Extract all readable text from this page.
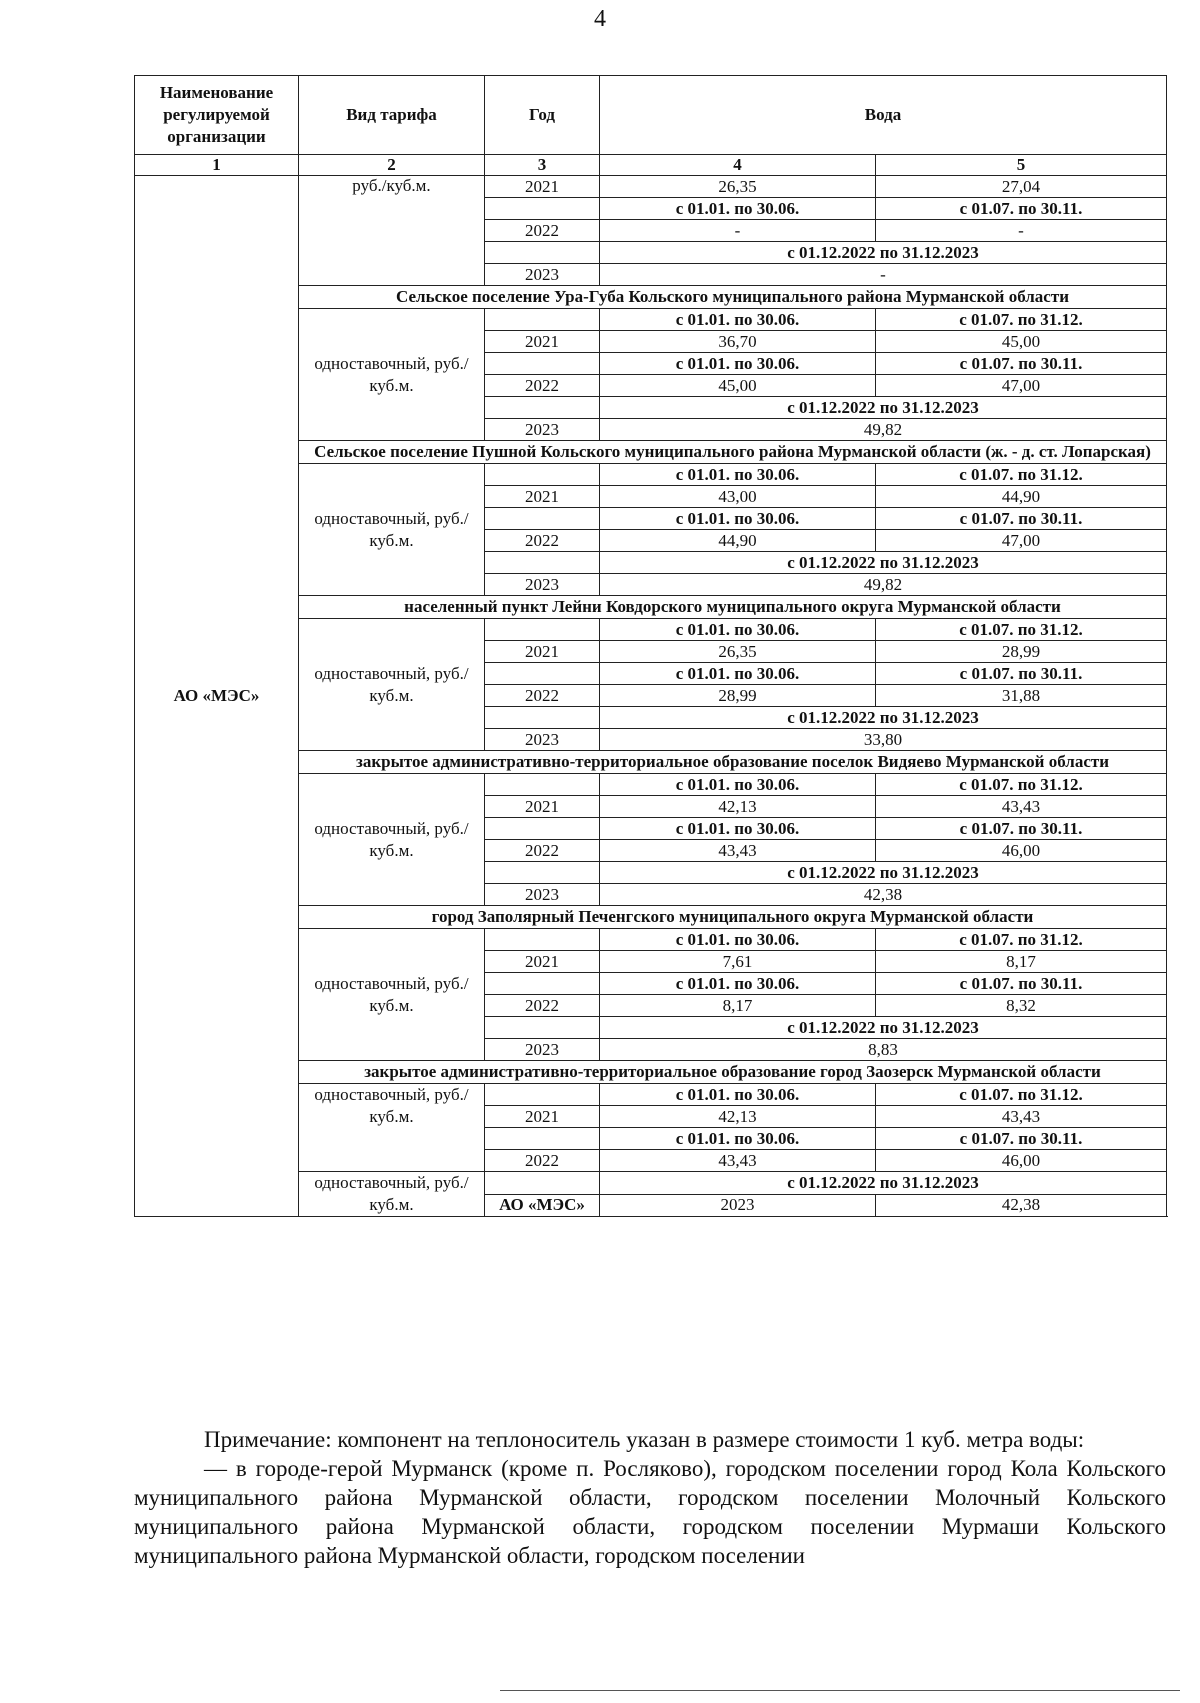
4
Наименование регулируемой организации	Вид тарифа	Год	Вода	
1	2	3	4	5
АО «МЭС»	руб./куб.м.	2021	26,35	27,04
			с 01.01. по 30.06.	с 01.07. по 30.11.
		2022	-	-
			с 01.12.2022 по 31.12.2023	
		2023	-	
	Сельское поселение Ура-Губа Кольского муниципального района Мурманской области			
	одноставочный, руб./куб.м.		с 01.01. по 30.06.	с 01.07. по 31.12.
		2021	36,70	45,00
			с 01.01. по 30.06.	с 01.07. по 30.11.
		2022	45,00	47,00
			с 01.12.2022 по 31.12.2023	
		2023	49,82	
	Сельское поселение Пушной Кольского муниципального района Мурманской области (ж. - д. ст. Лопарская)			
	одноставочный, руб./куб.м.		с 01.01. по 30.06.	с 01.07. по 31.12.
		2021	43,00	44,90
			с 01.01. по 30.06.	с 01.07. по 30.11.
		2022	44,90	47,00
			с 01.12.2022 по 31.12.2023	
		2023	49,82	
	населенный пункт Лейни Ковдорского муниципального округа Мурманской области			
	одноставочный, руб./куб.м.		с 01.01. по 30.06.	с 01.07. по 31.12.
		2021	26,35	28,99
			с 01.01. по 30.06.	с 01.07. по 30.11.
		2022	28,99	31,88
			с 01.12.2022 по 31.12.2023	
		2023	33,80	
	закрытое административно-территориальное образование поселок Видяево Мурманской области			
	одноставочный, руб./куб.м.		с 01.01. по 30.06.	с 01.07. по 31.12.
		2021	42,13	43,43
			с 01.01. по 30.06.	с 01.07. по 30.11.
		2022	43,43	46,00
			с 01.12.2022 по 31.12.2023	
		2023	42,38	
	город Заполярный Печенгского муниципального округа Мурманской области			
	одноставочный, руб./куб.м.		с 01.01. по 30.06.	с 01.07. по 31.12.
		2021	7,61	8,17
			с 01.01. по 30.06.	с 01.07. по 30.11.
		2022	8,17	8,32
			с 01.12.2022 по 31.12.2023	
		2023	8,83	
	закрытое административно-территориальное образование город Заозерск Мурманской области			
	одноставочный, руб./куб.м.		с 01.01. по 30.06.	с 01.07. по 31.12.
		2021	42,13	43,43
			с 01.01. по 30.06.	с 01.07. по 30.11.
		2022	43,43	46,00
	одноставочный, руб./куб.м.		с 01.12.2022 по 31.12.2023	
		АО «МЭС»	2023	42,38

Примечание: компонент на теплоноситель указан в размере стоимости 1 куб. метра воды:

— в городе-герой Мурманск (кроме п. Росляково), городском поселении город Кола Кольского муниципального района Мурманской области, городском поселении Молочный Кольского муниципального района Мурманской области, городском поселении Мурмаши Кольского муниципального района Мурманской области, городском поселении
